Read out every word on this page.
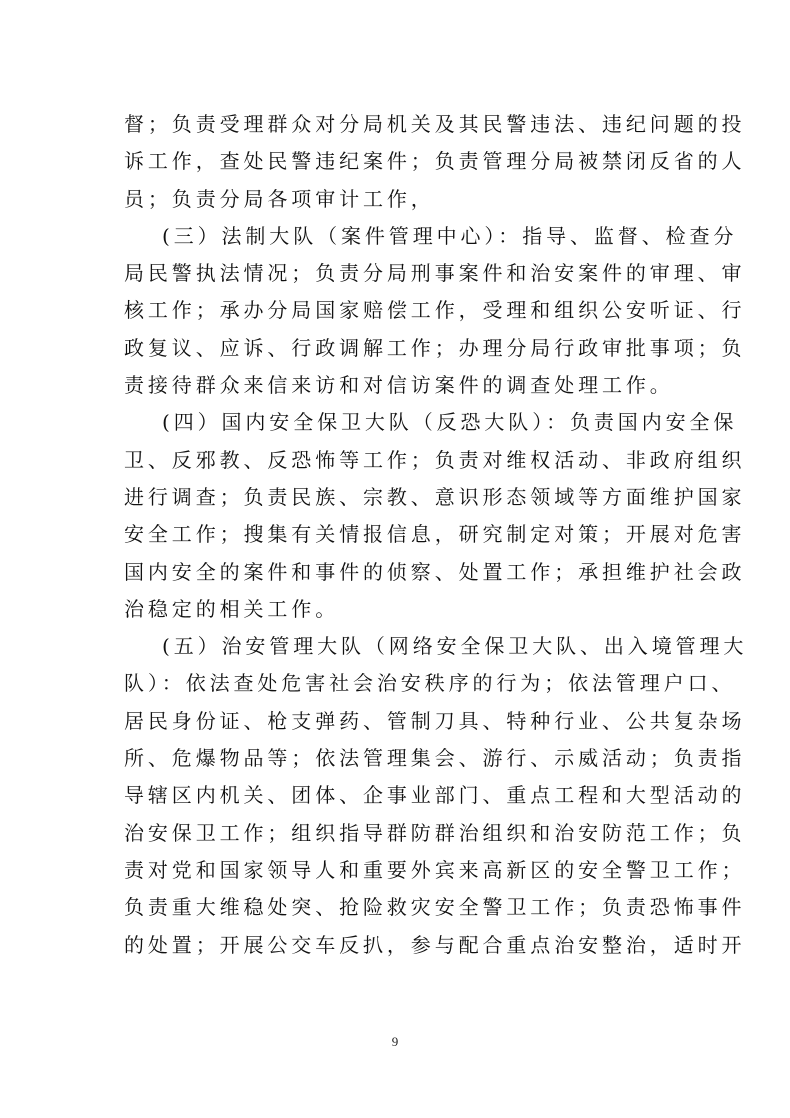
督；负责受理群众对分局机关及其民警违法、违纪问题的投
诉工作，查处民警违纪案件；负责管理分局被禁闭反省的人
员；负责分局各项审计工作，

(三）法制大队（案件管理中心）：指导、监督、检查分
局民警执法情况；负责分局刑事案件和治安案件的审理、审
核工作；承办分局国家赔偿工作，受理和组织公安听证、行
政复议、应诉、行政调解工作；办理分局行政审批事项；负
责接待群众来信来访和对信访案件的调查处理工作。

(四）国内安全保卫大队（反恐大队）：负责国内安全保
卫、反邪教、反恐怖等工作；负责对维权活动、非政府组织
进行调查；负责民族、宗教、意识形态领域等方面维护国家
安全工作；搜集有关情报信息，研究制定对策；开展对危害
国内安全的案件和事件的侦察、处置工作；承担维护社会政
治稳定的相关工作。

(五）治安管理大队（网络安全保卫大队、出入境管理大
队）：依法查处危害社会治安秩序的行为；依法管理户口、
居民身份证、枪支弹药、管制刀具、特种行业、公共复杂场
所、危爆物品等；依法管理集会、游行、示威活动；负责指
导辖区内机关、团体、企事业部门、重点工程和大型活动的
治安保卫工作；组织指导群防群治组织和治安防范工作；负
责对党和国家领导人和重要外宾来高新区的安全警卫工作；
负责重大维稳处突、抢险救灾安全警卫工作；负责恐怖事件
的处置；开展公交车反扒，参与配合重点治安整治，适时开

9
